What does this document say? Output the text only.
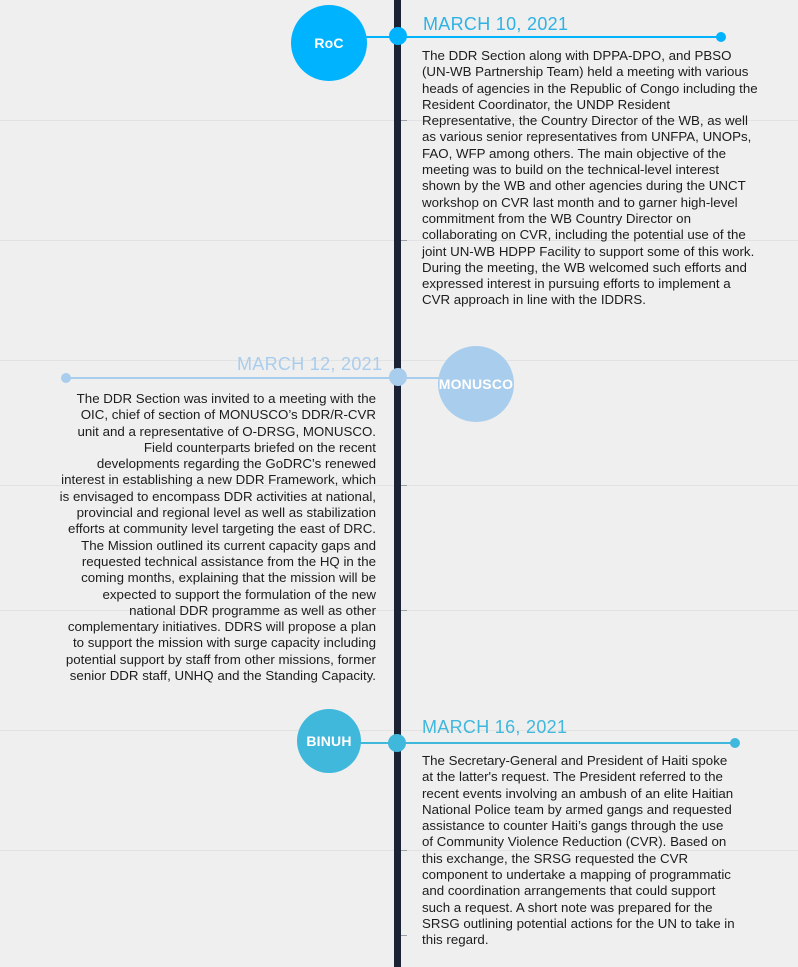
RoC
MARCH 10, 2021
The DDR Section along with DPPA-DPO, and PBSO (UN-WB Partnership Team) held a meeting with various heads of agencies in the Republic of Congo including the Resident Coordinator, the UNDP Resident Representative, the Country Director of the WB, as well as various senior representatives from UNFPA, UNOPs, FAO, WFP among others. The main objective of the meeting was to build on the technical-level interest shown by the WB and other agencies during the UNCT workshop on CVR last month and to garner high-level commitment from the WB Country Director on collaborating on CVR, including the potential use of the joint UN-WB HDPP Facility to support some of this work. During the meeting, the WB welcomed such efforts and expressed interest in pursuing efforts to implement a CVR approach in line with the IDDRS.
MONUSCO
MARCH 12, 2021
The DDR Section was invited to a meeting with the OIC, chief of section of MONUSCO’s DDR/R-CVR unit and a representative of O-DRSG, MONUSCO. Field counterparts briefed on the recent developments regarding the GoDRC’s renewed interest in establishing a new DDR Framework, which is envisaged to encompass DDR activities at national, provincial and regional level as well as stabilization efforts at community level targeting the east of DRC. The Mission outlined its current capacity gaps and requested technical assistance from the HQ in the coming months, explaining that the mission will be expected to support the formulation of the new national DDR programme as well as other complementary initiatives. DDRS will propose a plan to support the mission with surge capacity including potential support by staff from other missions, former senior DDR staff, UNHQ and the Standing Capacity.
BINUH
MARCH 16, 2021
The Secretary-General and President of Haiti spoke at the latter's request. The President referred to the recent events involving an ambush of an elite Haitian National Police team by armed gangs and requested assistance to counter Haiti’s gangs through the use of Community Violence Reduction (CVR). Based on this exchange, the SRSG requested the CVR component to undertake a mapping of programmatic and coordination arrangements that could support such a request. A short note was prepared for the SRSG outlining potential actions for the UN to take in this regard.
